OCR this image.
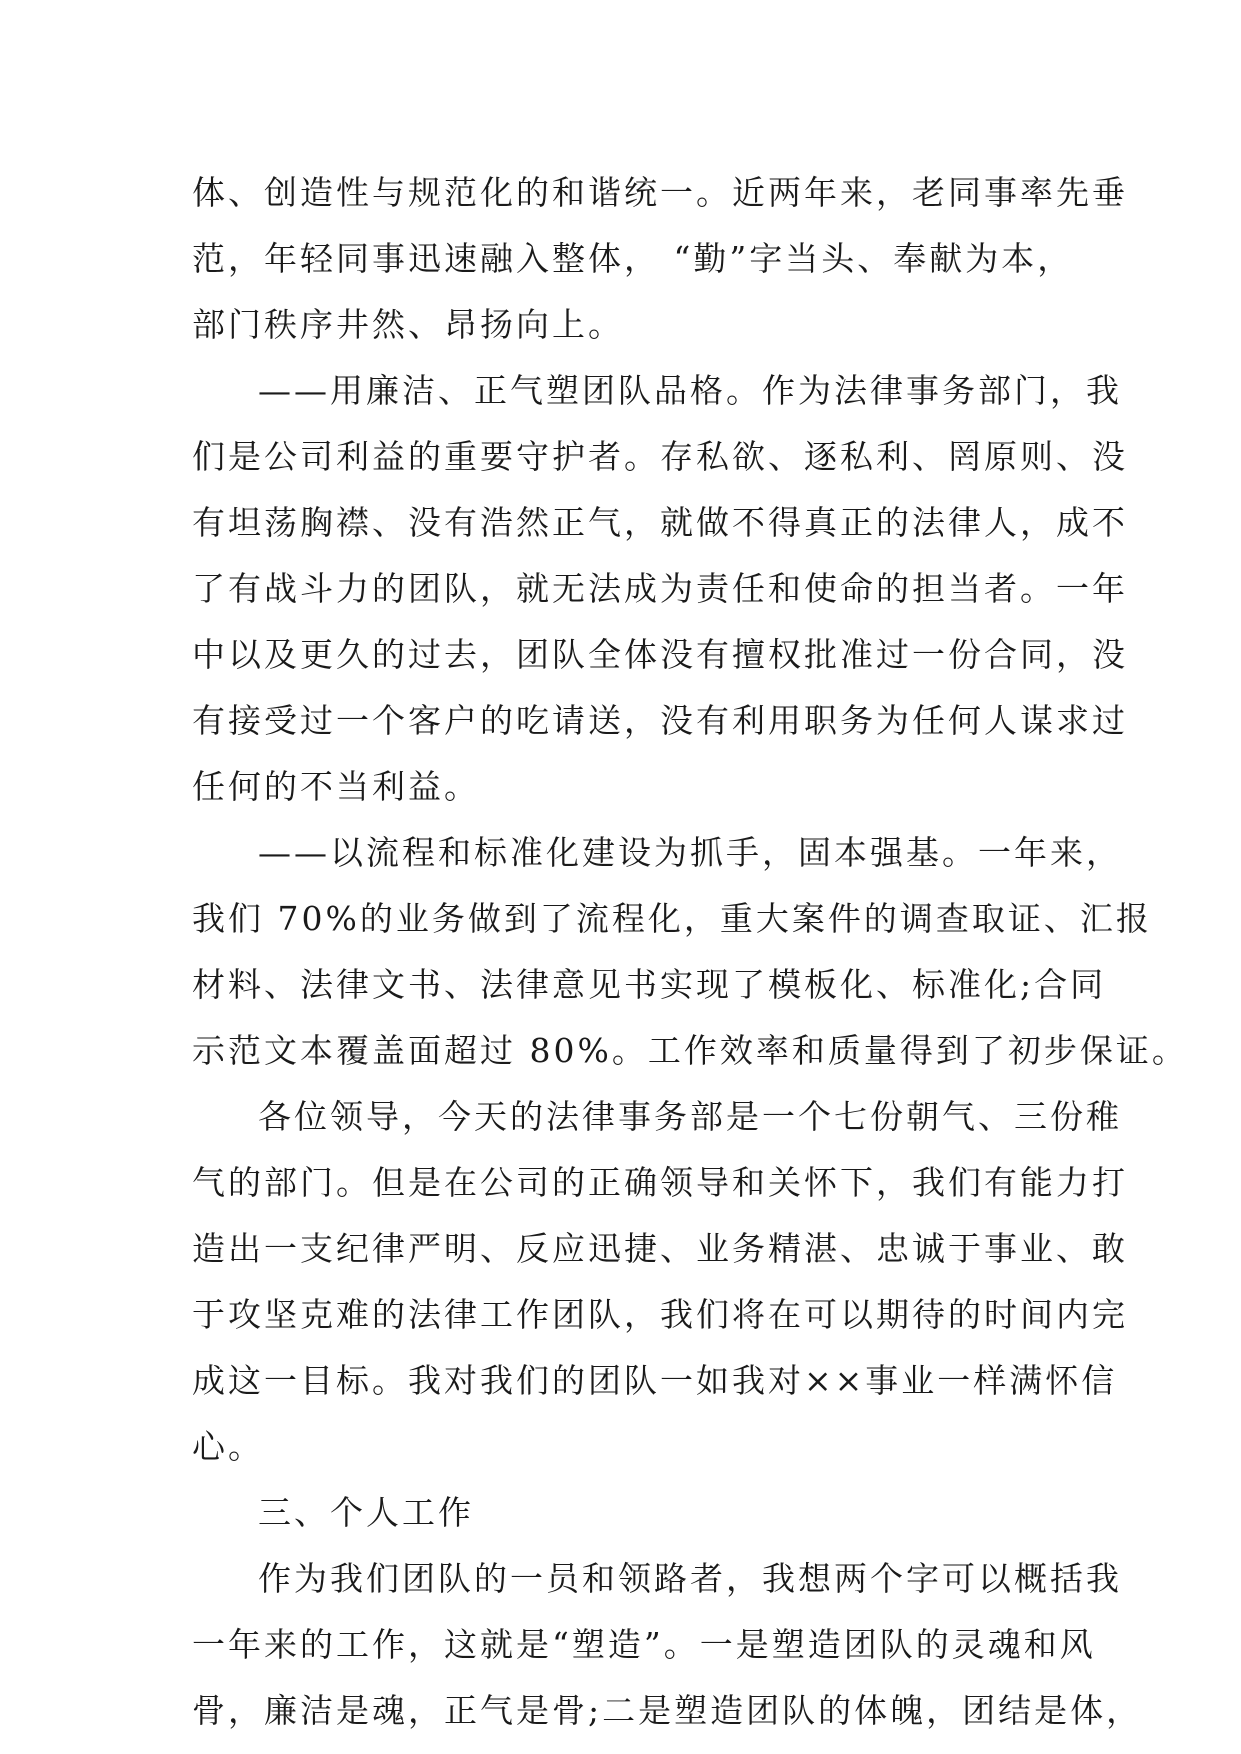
体、创造性与规范化的和谐统一。近两年来，老同事率先垂
范，年轻同事迅速融入整体， “勤”字当头、奉献为本，
部门秩序井然、昂扬向上。
——用廉洁、正气塑团队品格。作为法律事务部门，我
们是公司利益的重要守护者。存私欲、逐私利、罔原则、没
有坦荡胸襟、没有浩然正气，就做不得真正的法律人，成不
了有战斗力的团队，就无法成为责任和使命的担当者。一年
中以及更久的过去，团队全体没有擅权批准过一份合同，没
有接受过一个客户的吃请送，没有利用职务为任何人谋求过
任何的不当利益。
——以流程和标准化建设为抓手，固本强基。一年来，
我们 70%的业务做到了流程化，重大案件的调查取证、汇报
材料、法律文书、法律意见书实现了模板化、标准化;合同
示范文本覆盖面超过 80%。工作效率和质量得到了初步保证。
各位领导，今天的法律事务部是一个七份朝气、三份稚
气的部门。但是在公司的正确领导和关怀下，我们有能力打
造出一支纪律严明、反应迅捷、业务精湛、忠诚于事业、敢
于攻坚克难的法律工作团队，我们将在可以期待的时间内完
成这一目标。我对我们的团队一如我对××事业一样满怀信
心。
三、个人工作
作为我们团队的一员和领路者，我想两个字可以概括我
一年来的工作，这就是“塑造”。一是塑造团队的灵魂和风
骨，廉洁是魂，正气是骨;二是塑造团队的体魄，团结是体，
